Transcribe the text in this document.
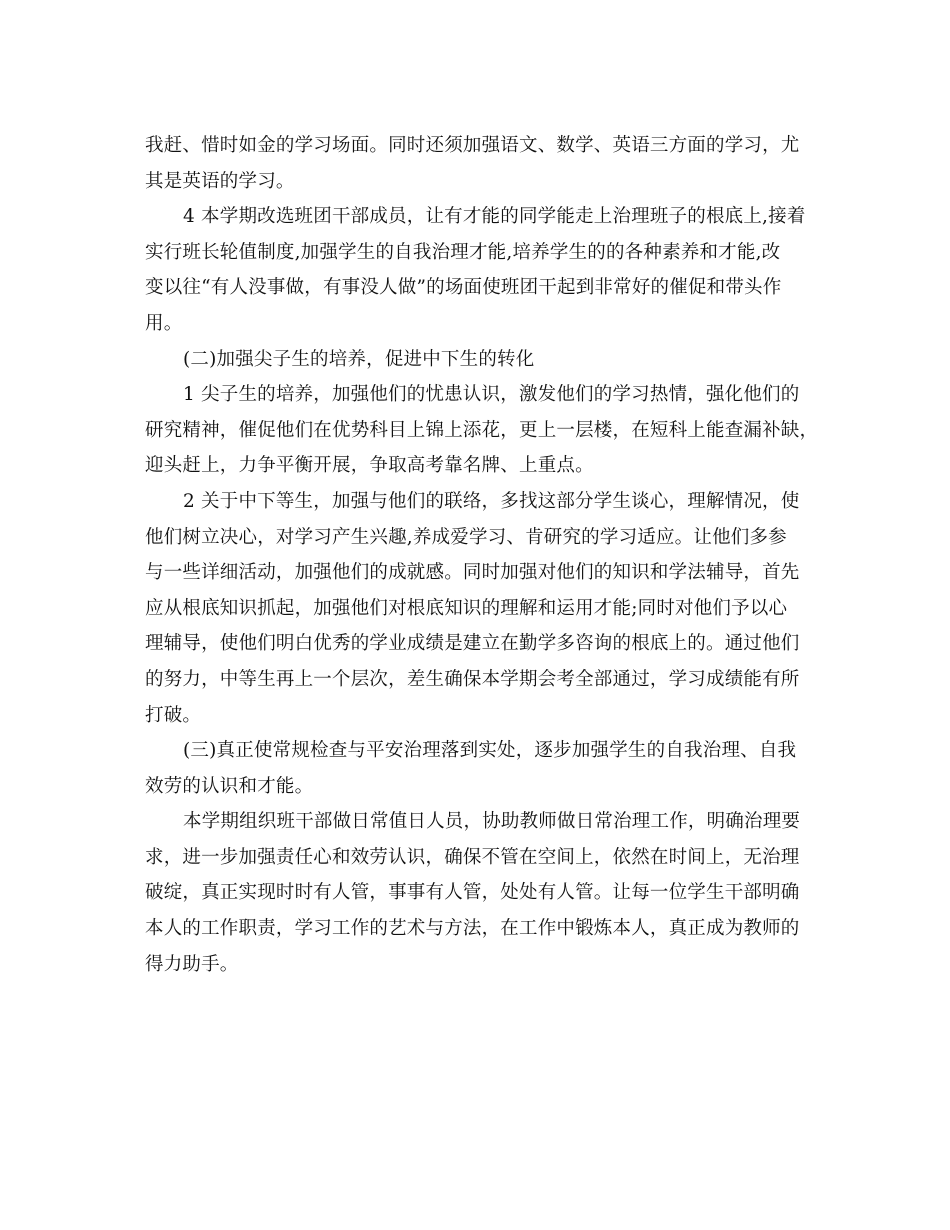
我赶、惜时如金的学习场面。同时还须加强语文、数学、英语三方面的学习，尤
其是英语的学习。

4 本学期改选班团干部成员，让有才能的同学能走上治理班子的根底上,接着
实行班长轮值制度,加强学生的自我治理才能,培养学生的的各种素养和才能,改
变以往“有人没事做，有事没人做”的场面使班团干起到非常好的催促和带头作
用。

(二)加强尖子生的培养，促进中下生的转化

1 尖子生的培养，加强他们的忧患认识，激发他们的学习热情，强化他们的
研究精神，催促他们在优势科目上锦上添花，更上一层楼，在短科上能查漏补缺，
迎头赶上，力争平衡开展，争取高考靠名牌、上重点。

2 关于中下等生，加强与他们的联络，多找这部分学生谈心，理解情况，使
他们树立决心，对学习产生兴趣,养成爱学习、肯研究的学习适应。让他们多参
与一些详细活动，加强他们的成就感。同时加强对他们的知识和学法辅导，首先
应从根底知识抓起，加强他们对根底知识的理解和运用才能;同时对他们予以心
理辅导，使他们明白优秀的学业成绩是建立在勤学多咨询的根底上的。通过他们
的努力，中等生再上一个层次，差生确保本学期会考全部通过，学习成绩能有所
打破。

(三)真正使常规检查与平安治理落到实处，逐步加强学生的自我治理、自我
效劳的认识和才能。

本学期组织班干部做日常值日人员，协助教师做日常治理工作，明确治理要
求，进一步加强责任心和效劳认识，确保不管在空间上，依然在时间上，无治理
破绽，真正实现时时有人管，事事有人管，处处有人管。让每一位学生干部明确
本人的工作职责，学习工作的艺术与方法，在工作中锻炼本人，真正成为教师的
得力助手。
